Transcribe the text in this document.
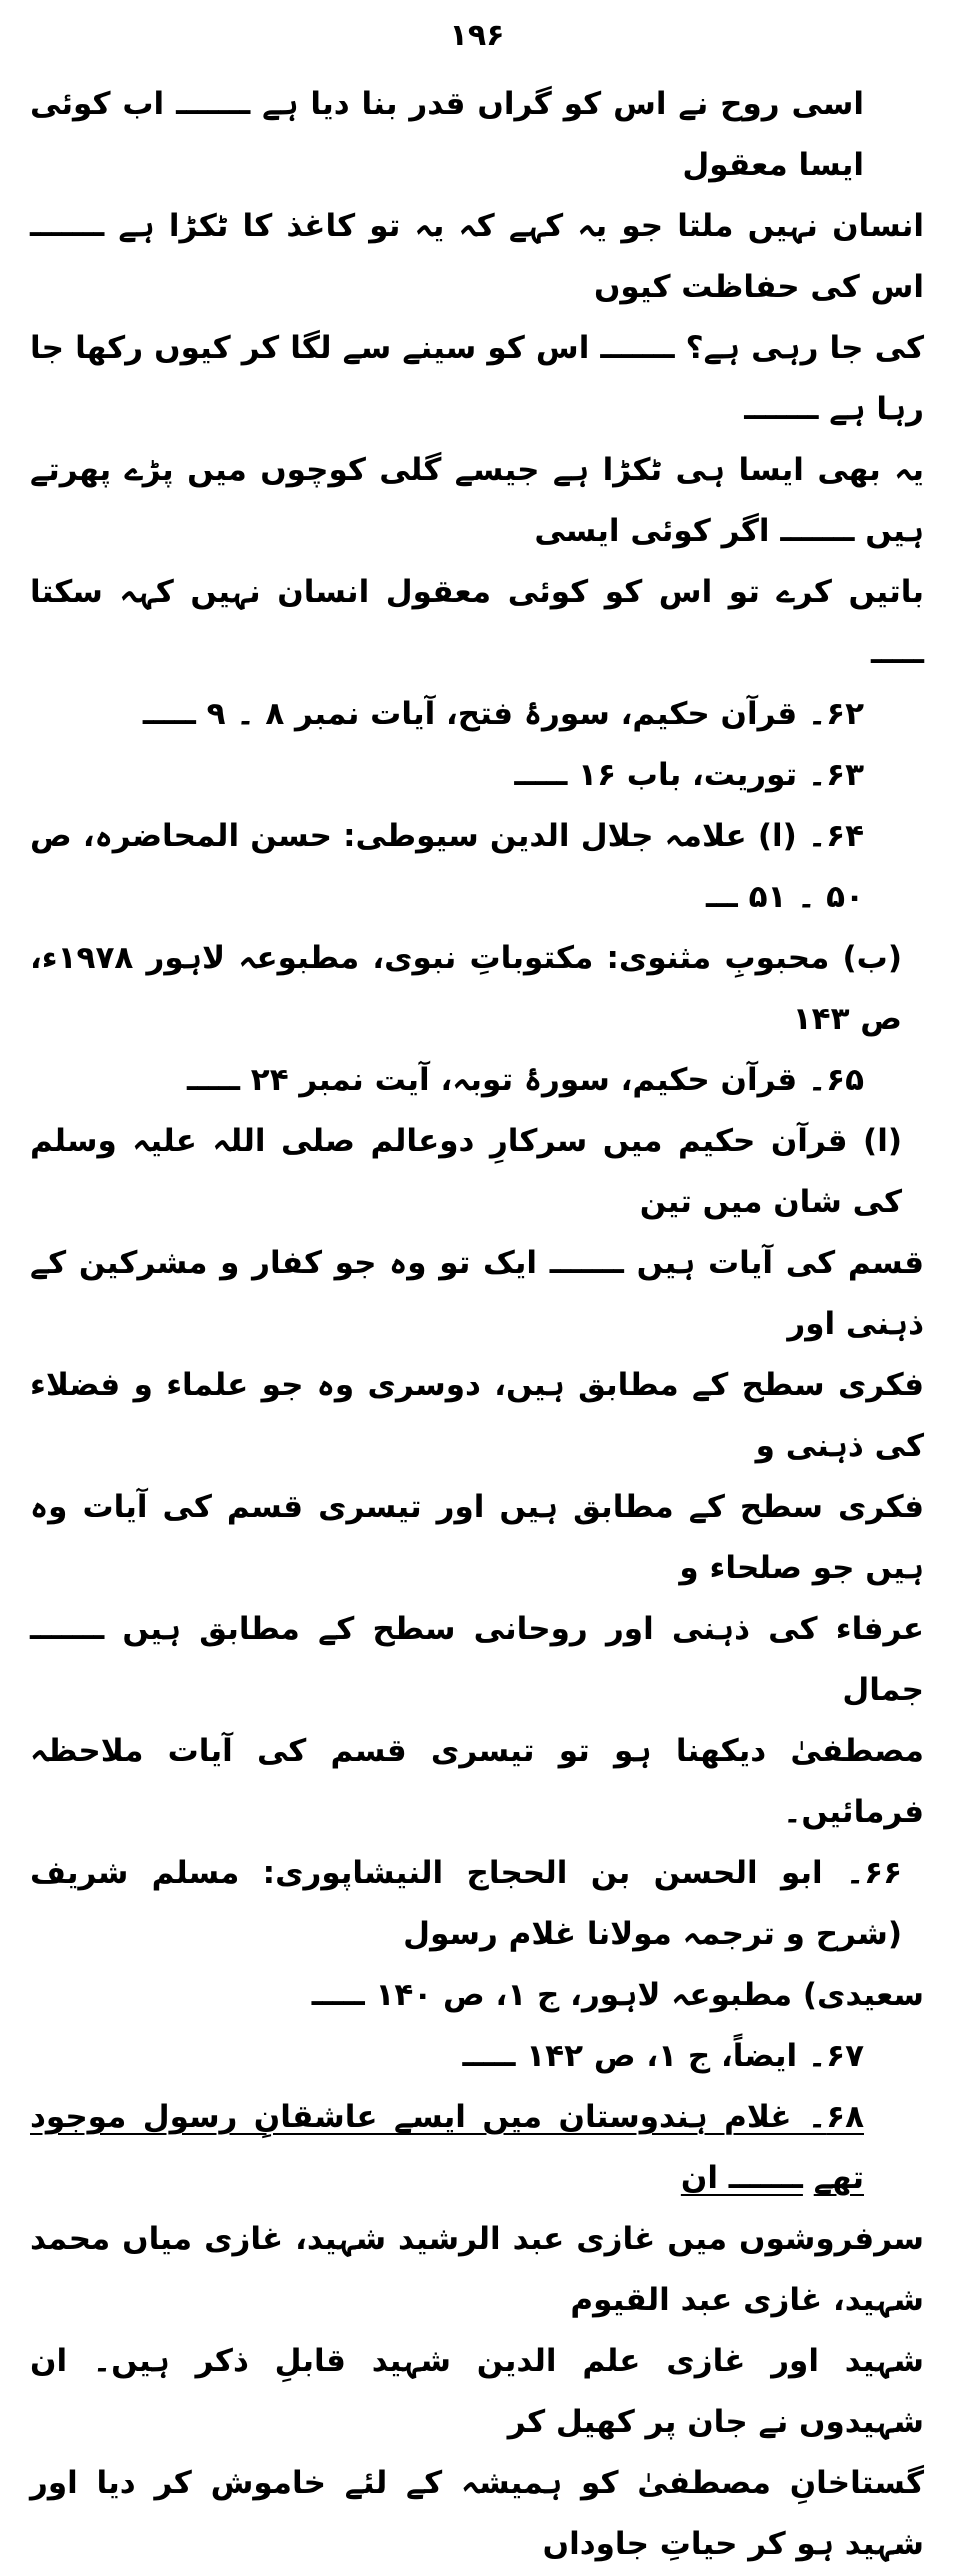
۱۹۶

اسی روح نے اس کو گراں قدر بنا دیا ہے ـــــــ اب کوئی ایسا معقول
انسان نہیں ملتا جو یہ کہے کہ یہ تو کاغذ کا ٹکڑا ہے ـــــــ اس کی حفاظت کیوں
کی جا رہی ہے؟ ـــــــ اس کو سینے سے لگا کر کیوں رکھا جا رہا ہے ـــــــ
یہ بھی ایسا ہی ٹکڑا ہے جیسے گلی کوچوں میں پڑے پھرتے ہیں ـــــــ اگر کوئی ایسی
باتیں کرے تو اس کو کوئی معقول انسان نہیں کہہ سکتا ـــــ

۶۲۔ قرآن حکیم، سورۂ فتح، آیات نمبر ۸ ۔ ۹ ـــــ
۶۳۔ توریت، باب ۱۶ ـــــ
۶۴۔ (ا) علامہ جلال الدین سیوطی: حسن المحاضرہ، ص ۵۰ ۔ ۵۱ ـــ
(ب) محبوبِ مثنوی: مکتوباتِ نبوی، مطبوعہ لاہور ۱۹۷۸ء، ص ۱۴۳
۶۵۔ قرآن حکیم، سورۂ توبہ، آیت نمبر ۲۴ ـــــ
(ا) قرآن حکیم میں سرکارِ دوعالم صلی اللہ علیہ وسلم کی شان میں تین
قسم کی آیات ہیں ـــــــ ایک تو وہ جو کفار و مشرکین کے ذہنی اور
فکری سطح کے مطابق ہیں، دوسری وہ جو علماء و فضلاء کی ذہنی و
فکری سطح کے مطابق ہیں اور تیسری قسم کی آیات وہ ہیں جو صلحاء و
عرفاء کی ذہنی اور روحانی سطح کے مطابق ہیں ـــــــ جمال
مصطفیٰ دیکھنا ہو تو تیسری قسم کی آیات ملاحظہ فرمائیں۔
۶۶۔ ابو الحسن بن الحجاج النیشاپوری: مسلم شریف (شرح و ترجمہ مولانا غلام رسول
سعیدی) مطبوعہ لاہور، ج ۱، ص ۱۴۰ ـــــ
۶۷۔ ایضاً، ج ۱، ص ۱۴۲ ـــــ
۶۸۔ غلام ہندوستان میں ایسے عاشقانِ رسول موجود تھے ـــــــ ان
سرفروشوں میں غازی عبد الرشید شہید، غازی میاں محمد شہید، غازی عبد القیوم
شہید اور غازی علم الدین شہید قابلِ ذکر ہیں۔ ان شہیدوں نے جان پر کھیل کر
گستاخانِ مصطفیٰ کو ہمیشہ کے لئے خاموش کر دیا اور شہید ہو کر حیاتِ جاوداں
